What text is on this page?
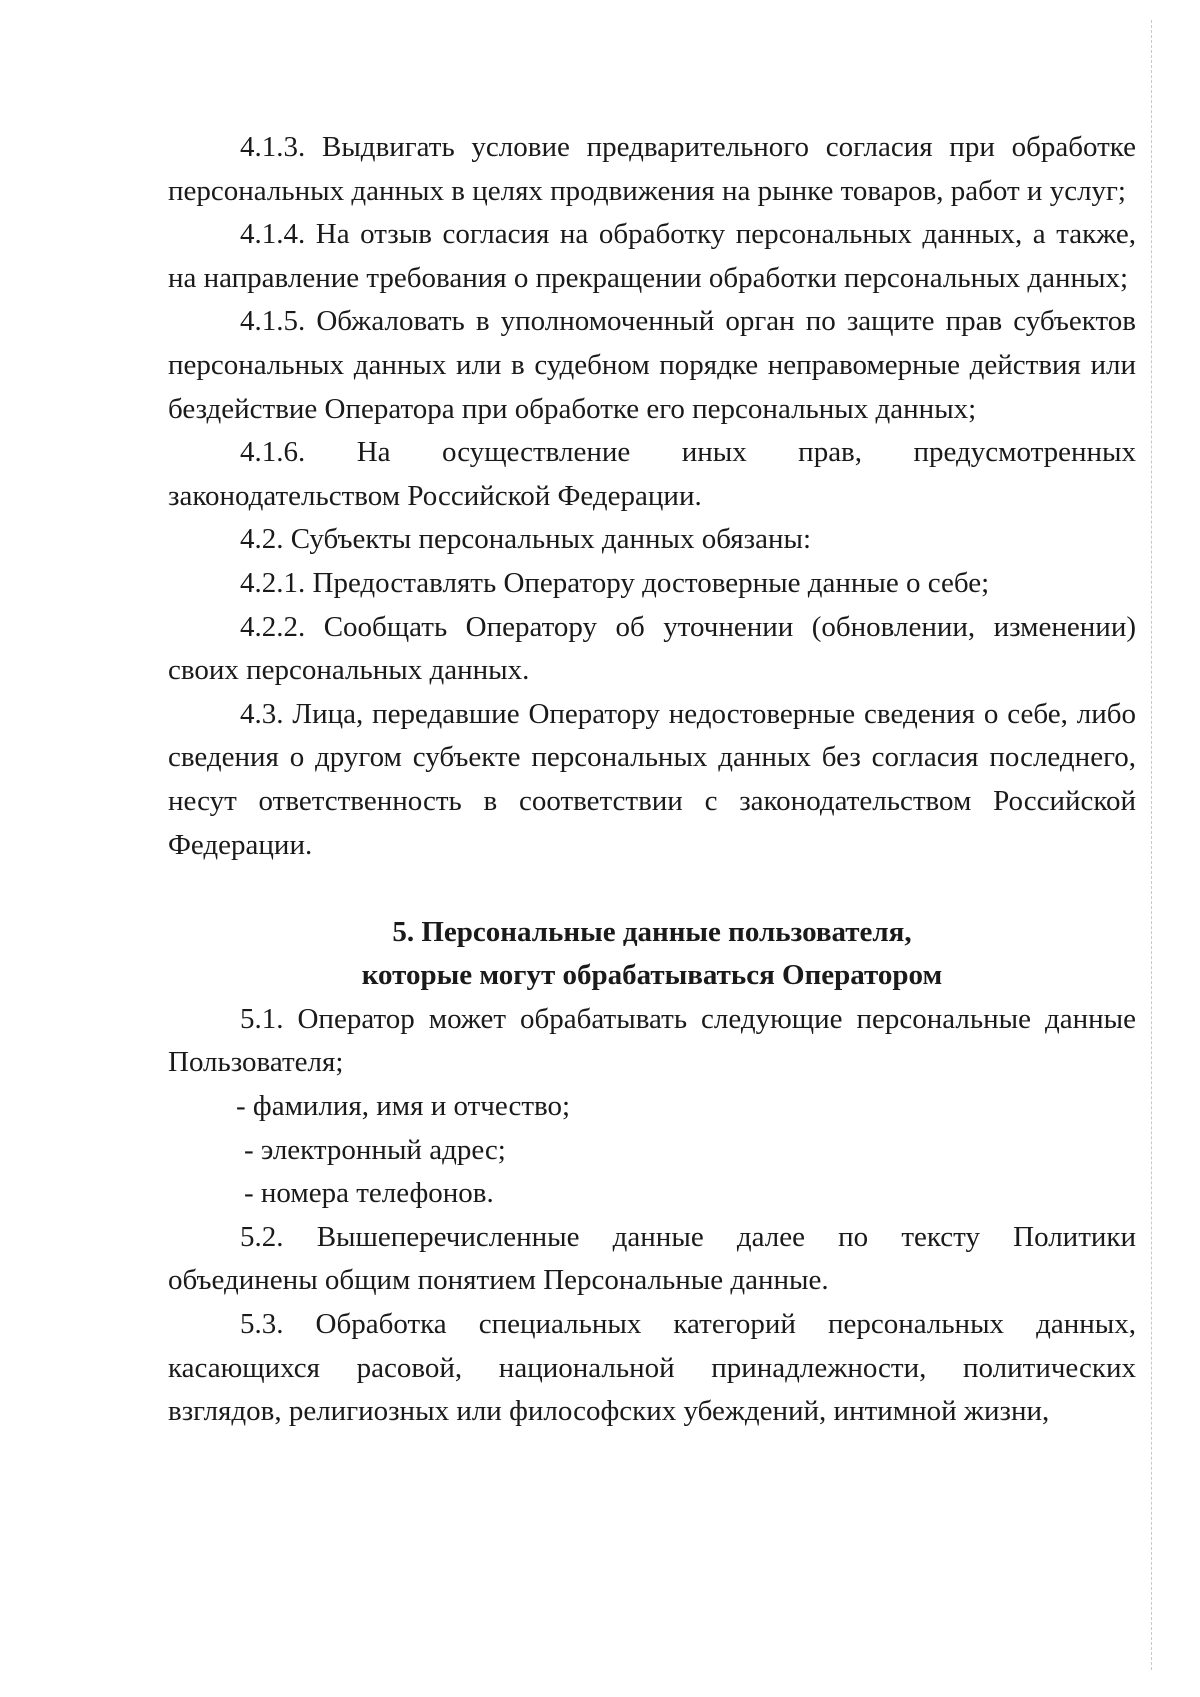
4.1.3. Выдвигать условие предварительного согласия при обработке персональных данных в целях продвижения на рынке товаров, работ и услуг;

4.1.4. На отзыв согласия на обработку персональных данных, а также, на направление требования о прекращении обработки персональных данных;

4.1.5. Обжаловать в уполномоченный орган по защите прав субъектов персональных данных или в судебном порядке неправомерные действия или бездействие Оператора при обработке его персональных данных;

4.1.6. На осуществление иных прав, предусмотренных законодательством Российской Федерации.

4.2. Субъекты персональных данных обязаны:

4.2.1. Предоставлять Оператору достоверные данные о себе;

4.2.2. Сообщать Оператору об уточнении (обновлении, изменении) своих персональных данных.

4.3. Лица, передавшие Оператору недостоверные сведения о себе, либо сведения о другом субъекте персональных данных без согласия последнего, несут ответственность в соответствии с законодательством Российской Федерации.

5. Персональные данные пользователя,

которые могут обрабатываться Оператором

5.1. Оператор может обрабатывать следующие персональные данные Пользователя;

- фамилия, имя и отчество;

- электронный адрес;

- номера телефонов.

5.2. Вышеперечисленные данные далее по тексту Политики объединены общим понятием Персональные данные.

5.3. Обработка специальных категорий персональных данных, касающихся расовой, национальной принадлежности, политических взглядов, религиозных или философских убеждений, интимной жизни,
